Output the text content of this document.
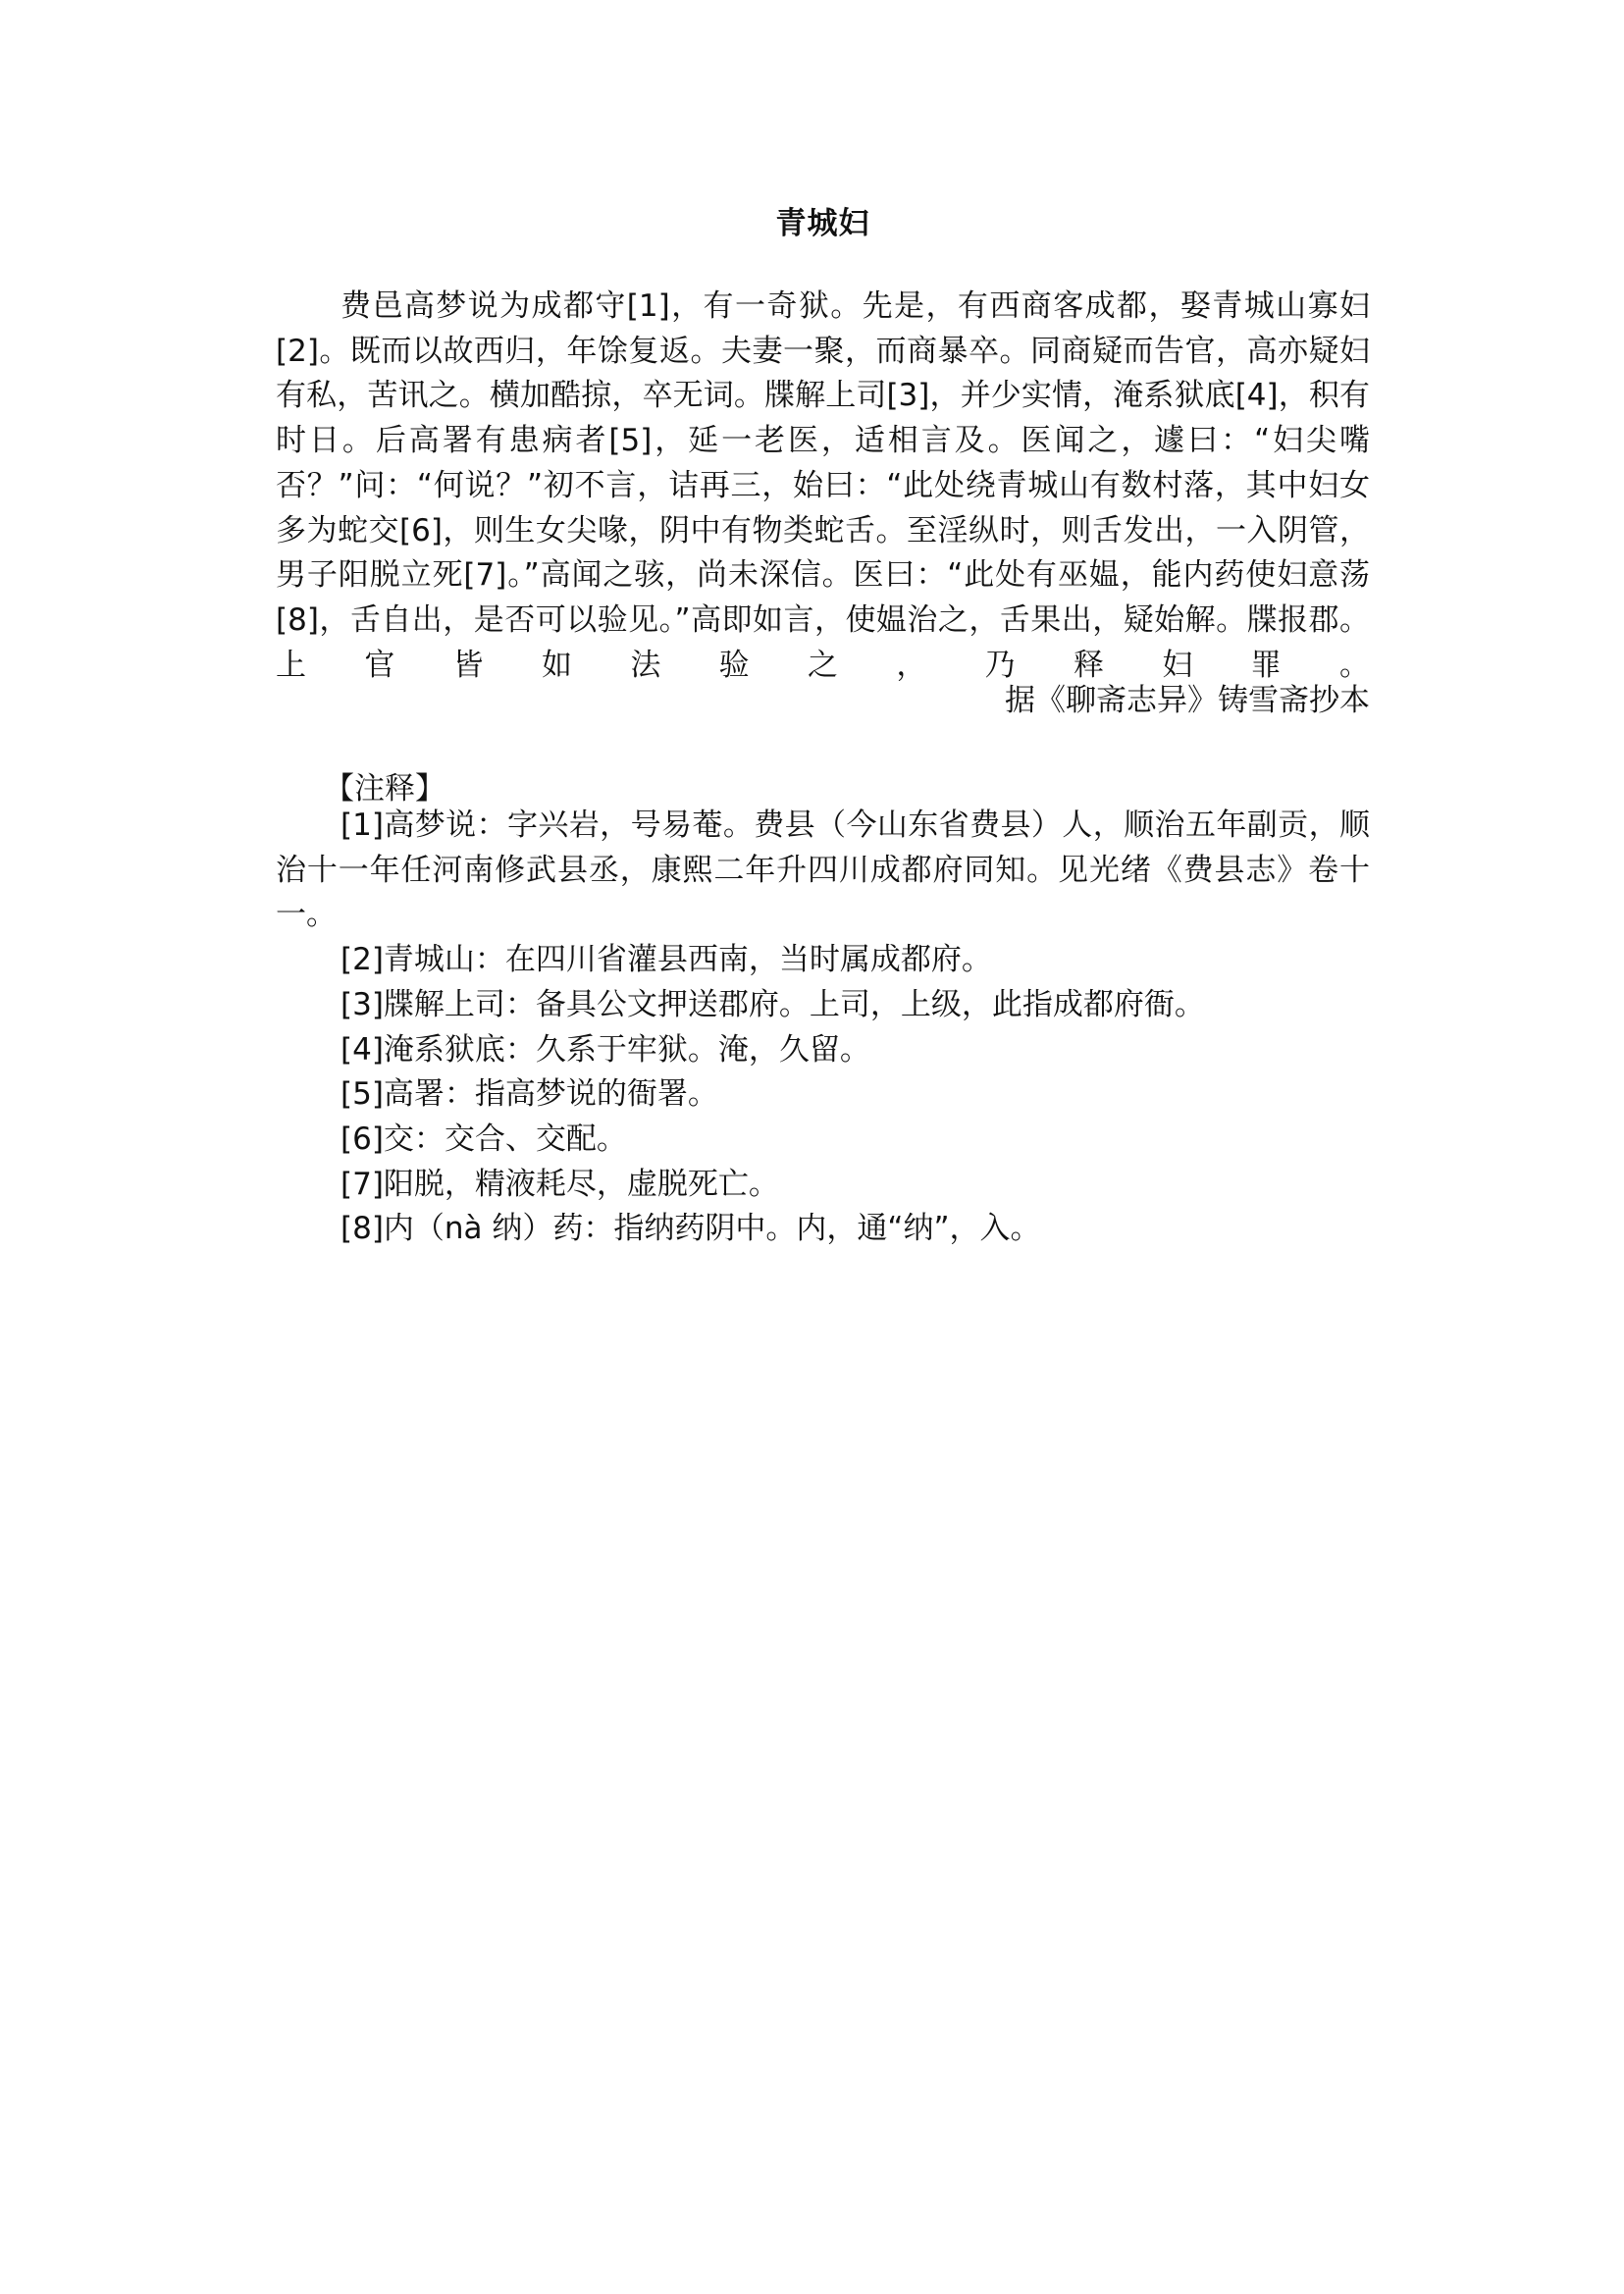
青城妇
费邑高梦说为成都守[1]，有一奇狱。先是，有西商客成都，娶青城山寡妇[2]。既而以故西归，年馀复返。夫妻一聚，而商暴卒。同商疑而告官，高亦疑妇有私，苦讯之。横加酷掠，卒无词。牒解上司[3]，并少实情，淹系狱底[4]，积有时日。后高署有患病者[5]，延一老医，适相言及。医闻之，遽曰：“妇尖嘴否？”问：“何说？”初不言，诘再三，始曰：“此处绕青城山有数村落，其中妇女多为蛇交[6]，则生女尖喙，阴中有物类蛇舌。至淫纵时，则舌发出，一入阴管，男子阳脱立死[7]。”高闻之骇，尚未深信。医曰：“此处有巫媪，能内药使妇意荡[8]，舌自出，是否可以验见。”高即如言，使媪治之，舌果出，疑始解。牒报郡。上官皆如法验之，乃释妇罪。
据《聊斋志异》铸雪斋抄本
【注释】

[1]高梦说：字兴岩，号易菴。费县（今山东省费县）人，顺治五年副贡，顺治十一年任河南修武县丞，康熙二年升四川成都府同知。见光绪《费县志》卷十一。

[2]青城山：在四川省灌县西南，当时属成都府。

[3]牒解上司：备具公文押送郡府。上司，上级，此指成都府衙。

[4]淹系狱底：久系于牢狱。淹，久留。

[5]高署：指高梦说的衙署。

[6]交：交合、交配。

[7]阳脱，精液耗尽，虚脱死亡。

[8]内（nà 纳）药：指纳药阴中。内，通“纳”，入。
